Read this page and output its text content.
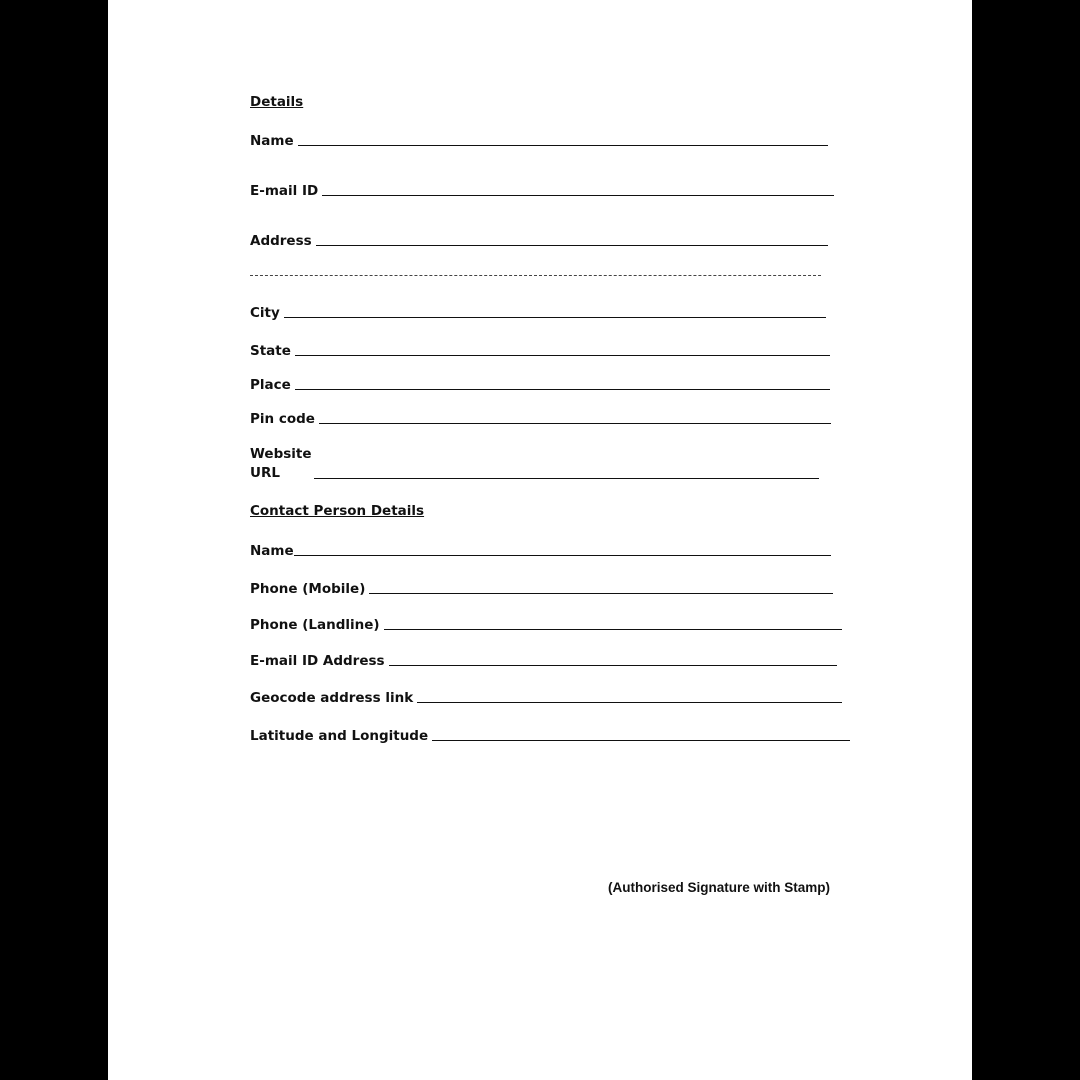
Details
Name
E-mail ID
Address
City
State
Place
Pin code
Website
URL
Contact Person Details
Name
Phone (Mobile)
Phone (Landline)
E-mail ID Address
Geocode address link
Latitude and Longitude
(Authorised Signature with Stamp)
